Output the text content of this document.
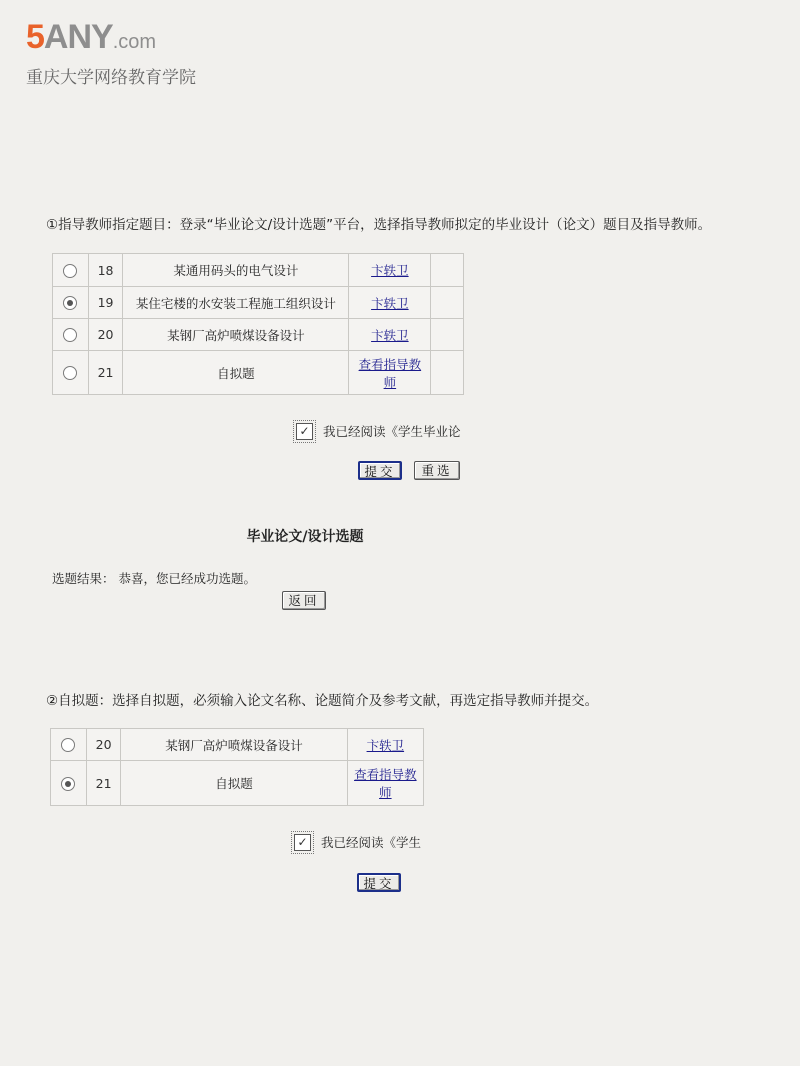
5ANY.com
重庆大学网络教育学院
①指导教师指定题目：登录“毕业论文/设计选题”平台，选择指导教师拟定的毕业设计（论文）题目及指导教师。
	18	某通用码头的电气设计	卞轶卫	
	19	某住宅楼的水安装工程施工组织设计	卞轶卫	
	20	某钢厂高炉喷煤设备设计	卞轶卫	
	21	自拟题	查看指导教师	
✓ 我已经阅读《学生毕业论
提交	重选
毕业论文/设计选题
选题结果： 恭喜，您已经成功选题。
返回
②自拟题：选择自拟题，必须输入论文名称、论题简介及参考文献，再选定指导教师并提交。
	20	某钢厂高炉喷煤设备设计	卞轶卫
	21	自拟题	查看指导教师
✓ 我已经阅读《学生
提交
